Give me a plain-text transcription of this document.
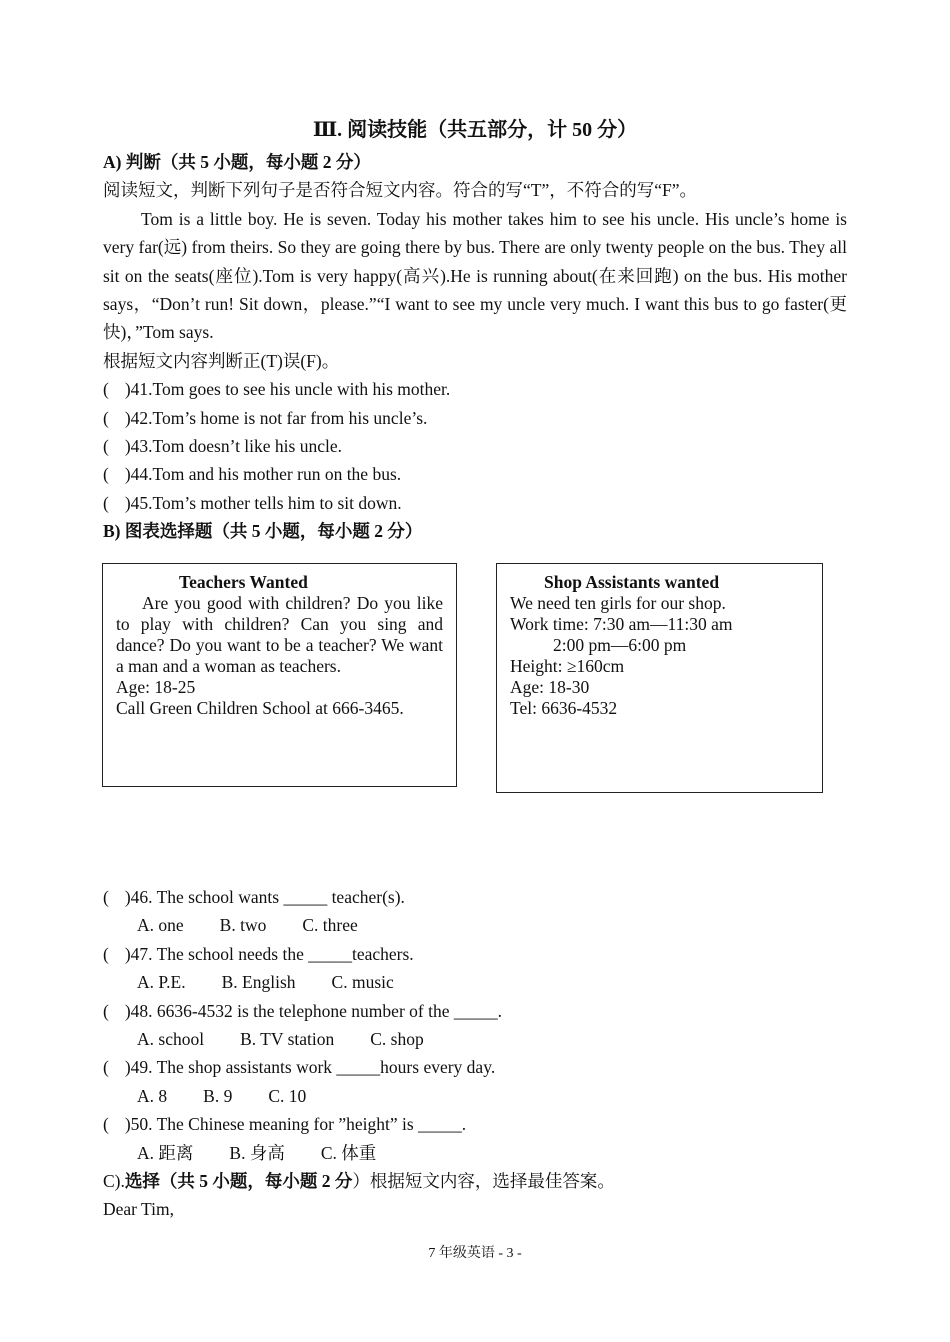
Ⅲ. 阅读技能（共五部分，计 50 分）
A) 判断（共 5 小题，每小题 2 分）
阅读短文，判断下列句子是否符合短文内容。符合的写“T”，不符合的写“F”。
Tom is a little boy. He is seven. Today his mother takes him to see his uncle. His uncle’s home is very far(远) from theirs. So they are going there by bus. There are only twenty people on the bus. They all sit on the seats(座位).Tom is very happy(高兴).He is running about(在来回跑) on the bus. His mother says，“Don’t run! Sit down，please.”“I want to see my uncle very much. I want this bus to go faster(更快)，”Tom says.
根据短文内容判断正(T)误(F)。
( )41.Tom goes to see his uncle with his mother.
( )42.Tom’s home is not far from his uncle’s.
( )43.Tom doesn’t like his uncle.
( )44.Tom and his mother run on the bus.
( )45.Tom’s mother tells him to sit down.
B) 图表选择题（共 5 小题，每小题 2 分）
Teachers Wanted
Are you good with children? Do you like to play with children? Can you sing and dance? Do you want to be a teacher? We want a man and a woman as teachers.
Age: 18-25
Call Green Children School at 666-3465.
Shop Assistants wanted
We need ten girls for our shop.
Work time: 7:30 am—11:30 am
2:00 pm—6:00 pm
Height: ≥160cm
Age: 18-30
Tel: 6636-4532
( )46. The school wants _____ teacher(s).
A. one B. two C. three
( )47. The school needs the _____teachers.
A. P.E. B. English C. music
( )48. 6636-4532 is the telephone number of the _____.
A. school B. TV station C. shop
( )49. The shop assistants work _____hours every day.
A. 8 B. 9 C. 10
( )50. The Chinese meaning for ”height” is _____.
A. 距离 B. 身高 C. 体重
C).选择（共 5 小题，每小题 2 分）根据短文内容，选择最佳答案。
Dear Tim,
7 年级英语 - 3 -
